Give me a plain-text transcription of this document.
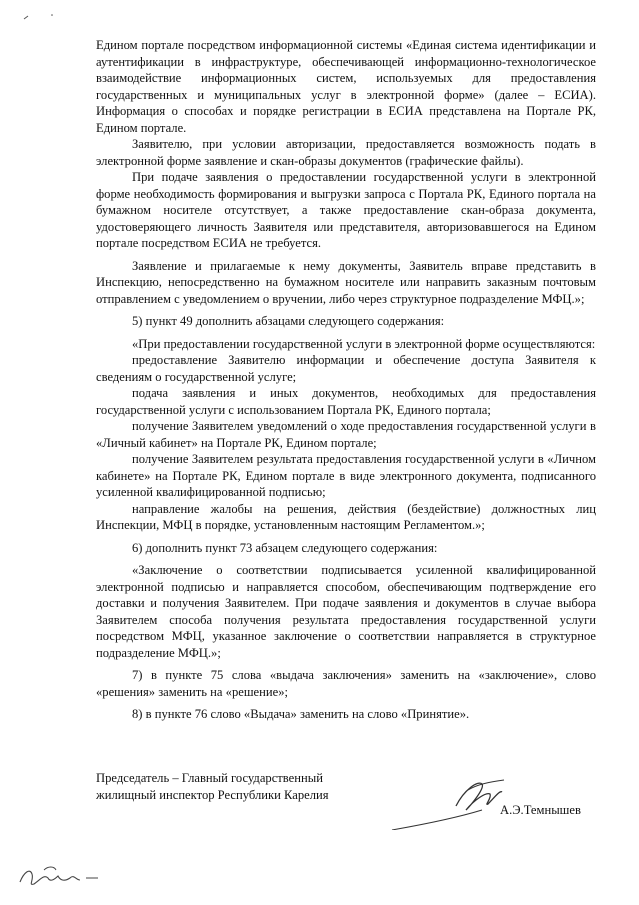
Едином портале посредством информационной системы «Единая система идентификации и аутентификации в инфраструктуре, обеспечивающей информационно-технологическое взаимодействие информационных систем, используемых для предоставления государственных и муниципальных услуг в электронной форме» (далее – ЕСИА). Информация о способах и порядке регистрации в ЕСИА представлена на Портале РК, Едином портале.

Заявителю, при условии авторизации, предоставляется возможность подать в электронной форме заявление и скан-образы документов (графические файлы).

При подаче заявления о предоставлении государственной услуги в электронной форме необходимость формирования и выгрузки запроса с Портала РК, Единого портала на бумажном носителе отсутствует, а также предоставление скан-образа документа, удостоверяющего личность Заявителя или представителя, авторизовавшегося на Едином портале посредством ЕСИА не требуется.

Заявление и прилагаемые к нему документы, Заявитель вправе представить в Инспекцию, непосредственно на бумажном носителе или направить заказным почтовым отправлением с уведомлением о вручении, либо через структурное подразделение МФЦ.»;

5) пункт 49 дополнить абзацами следующего содержания:

«При предоставлении государственной услуги в электронной форме осуществляются:

предоставление Заявителю информации и обеспечение доступа Заявителя к сведениям о государственной услуге;

подача заявления и иных документов, необходимых для предоставления государственной услуги с использованием Портала РК, Единого портала;

получение Заявителем уведомлений о ходе предоставления государственной услуги в «Личный кабинет» на Портале РК, Едином портале;

получение Заявителем результата предоставления государственной услуги в «Личном кабинете» на Портале РК, Едином портале в виде электронного документа, подписанного усиленной квалифицированной подписью;

направление жалобы на решения, действия (бездействие) должностных лиц Инспекции, МФЦ в порядке, установленным настоящим Регламентом.»;

6) дополнить пункт 73 абзацем следующего содержания:

«Заключение о соответствии подписывается усиленной квалифицированной электронной подписью и направляется способом, обеспечивающим подтверждение его доставки и получения Заявителем. При подаче заявления и документов в случае выбора Заявителем способа получения результата предоставления государственной услуги посредством МФЦ, указанное заключение о соответствии направляется в структурное подразделение МФЦ.»;

7) в пункте 75 слова «выдача заключения» заменить на «заключение», слово «решения» заменить на «решение»;

8) в пункте 76 слово «Выдача» заменить на слово «Принятие».

Председатель – Главный государственный
жилищный инспектор Республики Карелия
А.Э.Темнышев
